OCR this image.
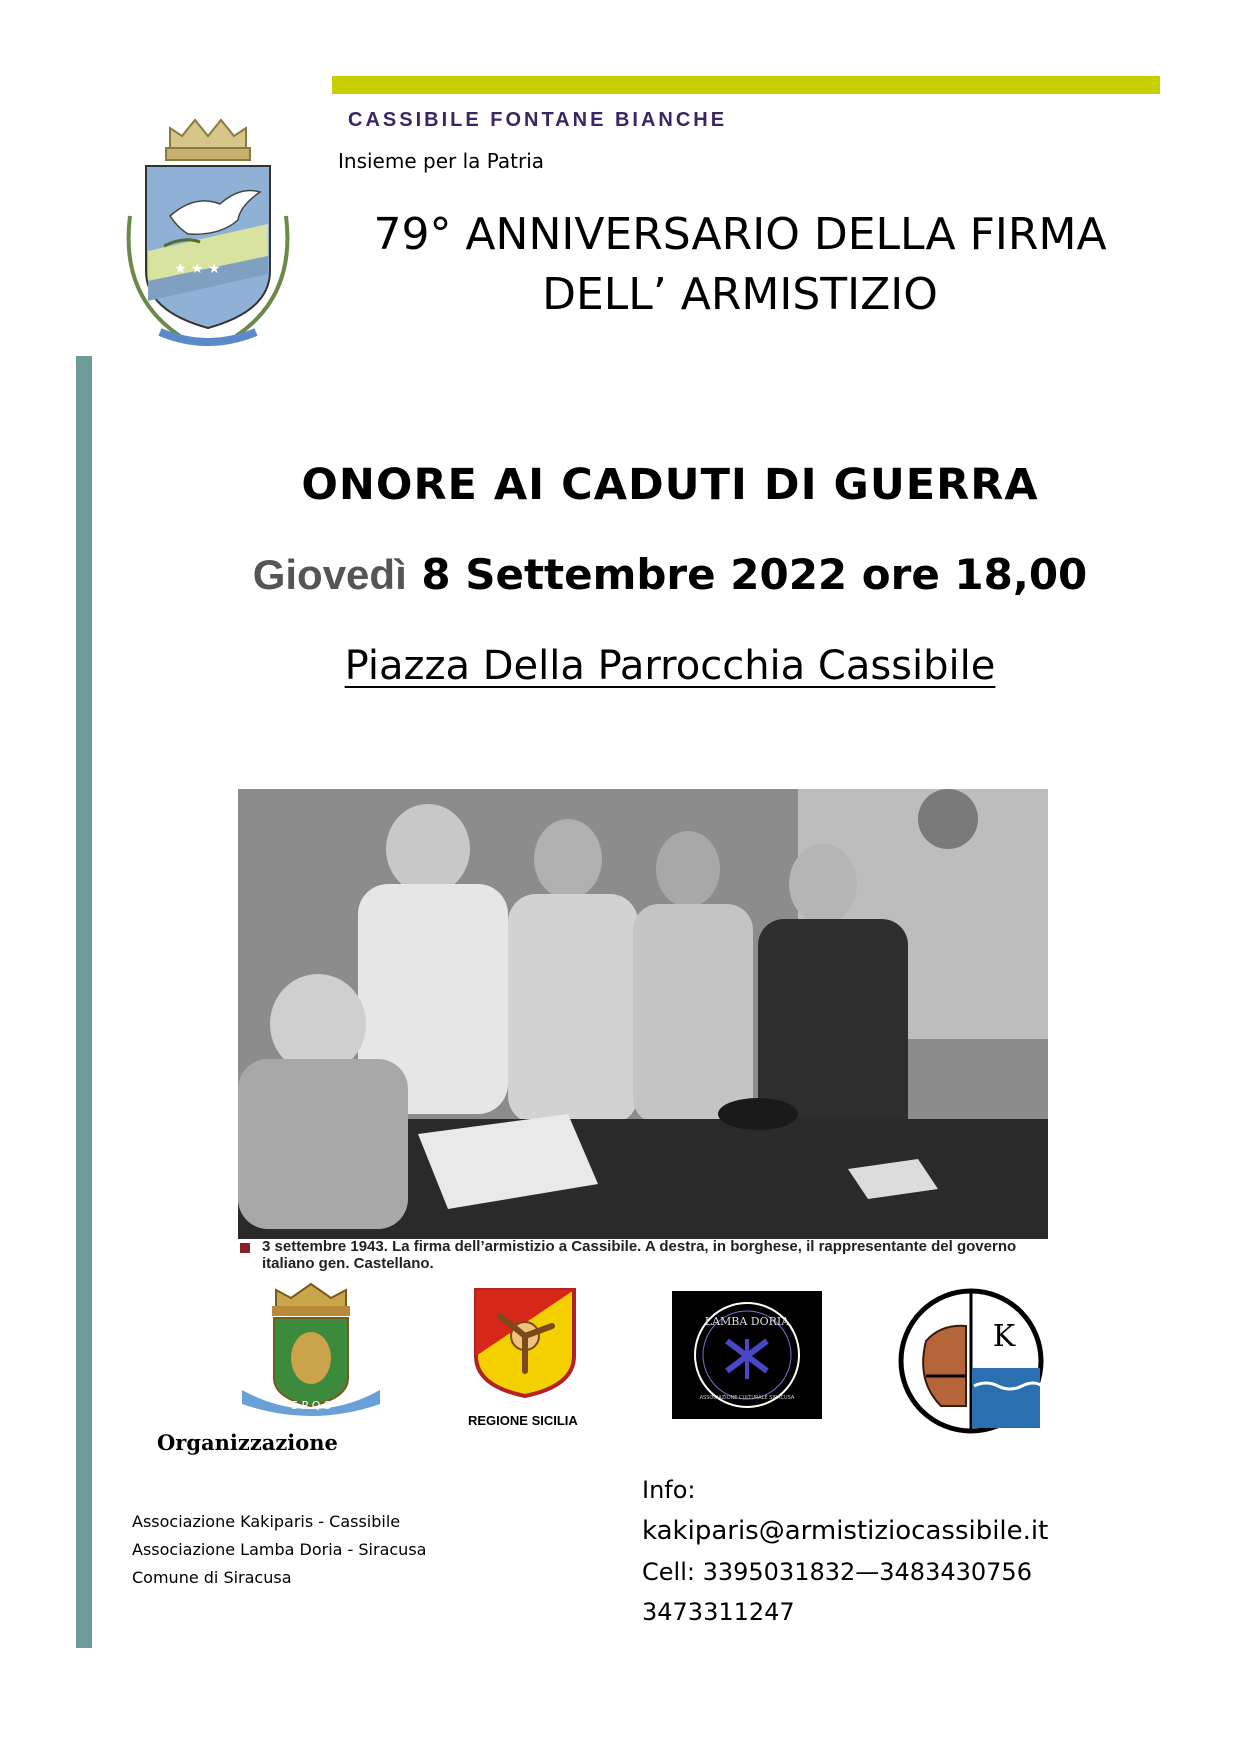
★ ★ ★
CASSIBILE FONTANE BIANCHE
Insieme per la Patria
79° ANNIVERSARIO DELLA FIRMA
DELL’ ARMISTIZIO
ONORE AI CADUTI DI GUERRA
Giovedì 8 Settembre 2022 ore 18,00
Piazza Della Parrocchia Cassibile
3 settembre 1943. La firma dell’armistizio a Cassibile. A destra, in borghese, il rappresentante del governo italiano gen. Castellano.
S P Q S
REGIONE SICILIA
LAMBA DORIA
ASSOCIAZIONE CULTURALE SIRACUSA
K
Organizzazione
Associazione Kakiparis - Cassibile
Associazione Lamba Doria - Siracusa
Comune di Siracusa
Info:
kakiparis@armistiziocassibile.it
Cell: 3395031832—3483430756
3473311247
